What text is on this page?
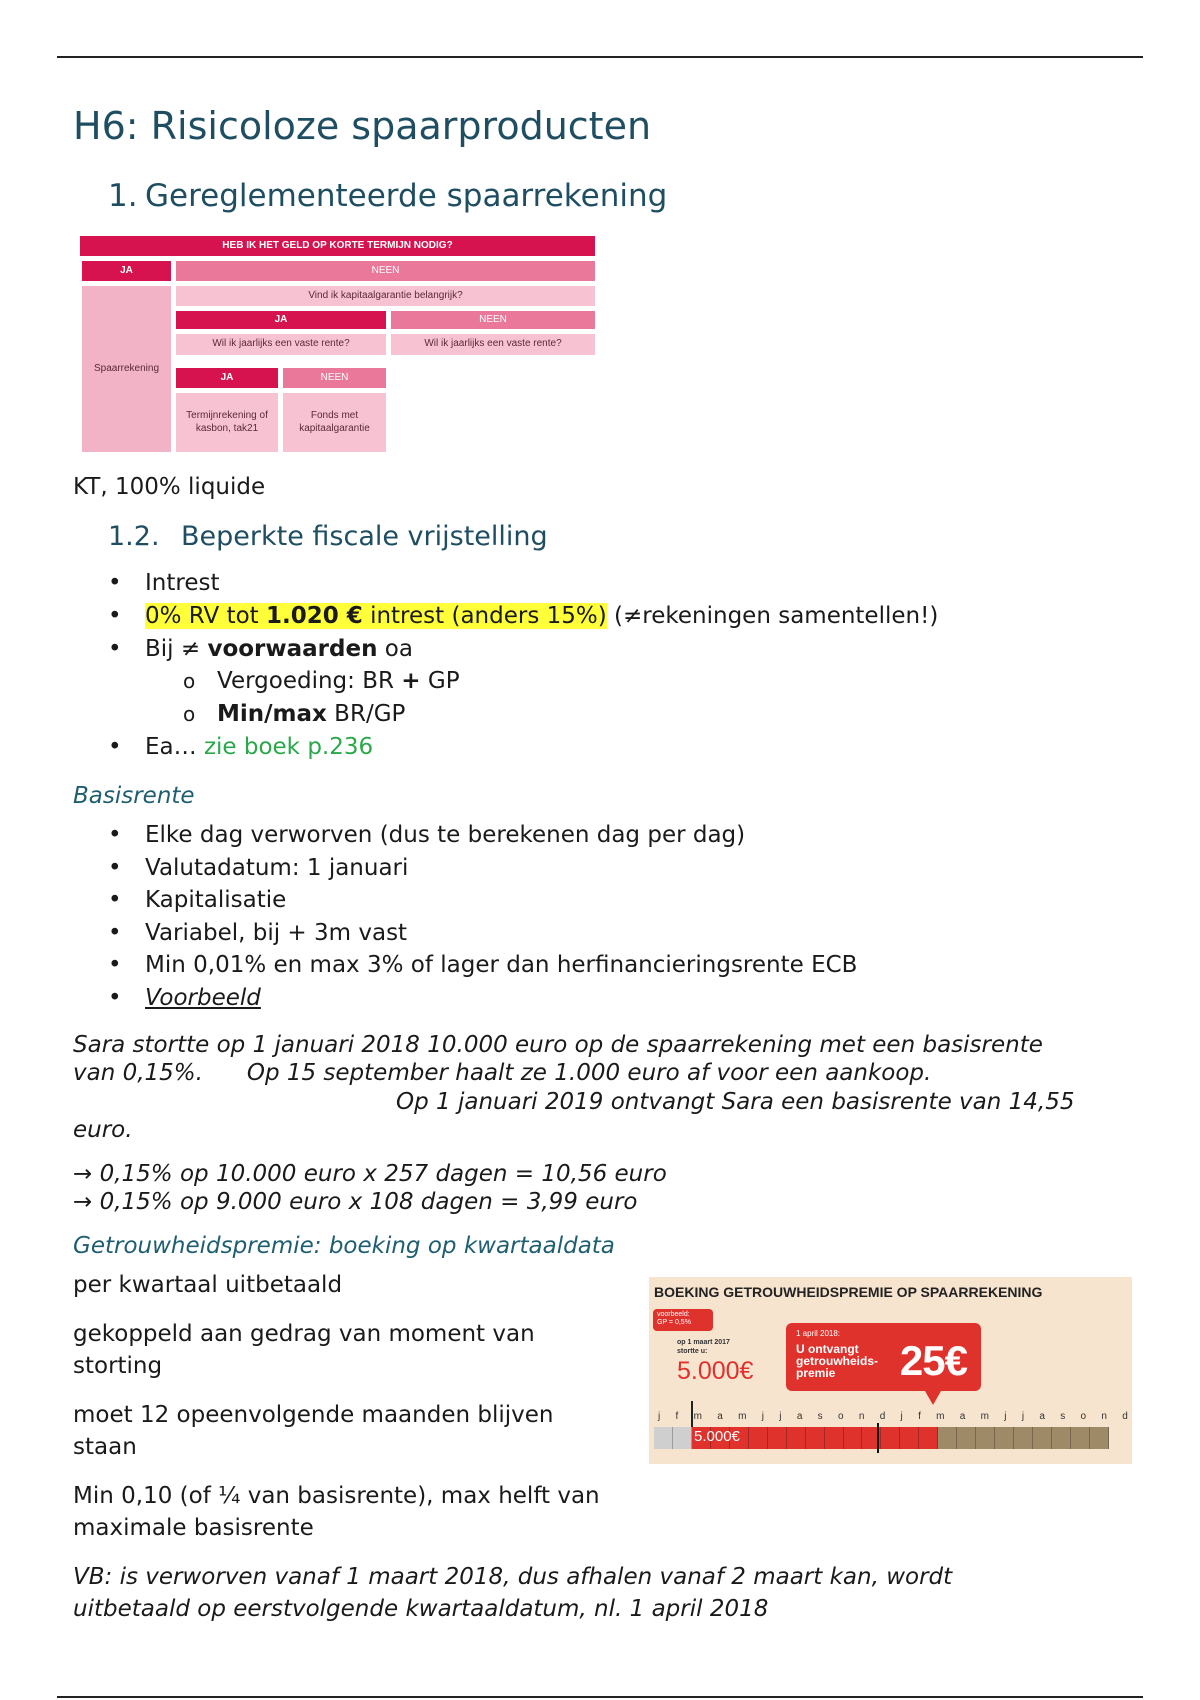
H6: Risicoloze spaarproducten
1. Gereglementeerde spaarrekening
HEB IK HET GELD OP KORTE TERMIJN NODIG?
JA	NEEN
Spaarrekening
Vind ik kapitaalgarantie belangrijk?
JA	NEEN
Wil ik jaarlijks een vaste rente?	Wil ik jaarlijks een vaste rente?
JA	NEEN
Termijnrekening of kasbon, tak21
Fonds met kapitaalgarantie
KT, 100% liquide
1.2. Beperkte fiscale vrijstelling
• Intrest
• 0% RV tot 1.020 € intrest (anders 15%) (≠rekeningen samentellen!)
• Bij ≠ voorwaarden oa
o Vergoeding: BR + GP
o Min/max BR/GP
• Ea… zie boek p.236
Basisrente
• Elke dag verworven (dus te berekenen dag per dag)
• Valutadatum: 1 januari
• Kapitalisatie
• Variabel, bij + 3m vast
• Min 0,01% en max 3% of lager dan herfinancieringsrente ECB
• Voorbeeld
Sara stortte op 1 januari 2018 10.000 euro op de spaarrekening met een basisrente
van 0,15%.      Op 15 september haalt ze 1.000 euro af voor een aankoop.
Op 1 januari 2019 ontvangt Sara een basisrente van 14,55
euro.
→ 0,15% op 10.000 euro x 257 dagen = 10,56 euro
→ 0,15% op 9.000 euro x 108 dagen = 3,99 euro
Getrouwheidspremie: boeking op kwartaaldata
per kwartaal uitbetaald
gekoppeld aan gedrag van moment van
storting
moet 12 opeenvolgende maanden blijven
staan
Min 0,10 (of ¼ van basisrente), max helft van
maximale basisrente
VB: is verworven vanaf 1 maart 2018, dus afhalen vanaf 2 maart kan, wordt
uitbetaald op eerstvolgende kwartaaldatum, nl. 1 april 2018
BOEKING GETROUWHEIDSPREMIE OP SPAARREKENING
voorbeeld:
GP = 0,5%
op 1 maart 2017
stortte u:
5.000€
1 april 2018:
U ontvangt getrouwheids-premie	25€
j f m a m j j a s o n d j f m a m j j a s o n d
5.000€
